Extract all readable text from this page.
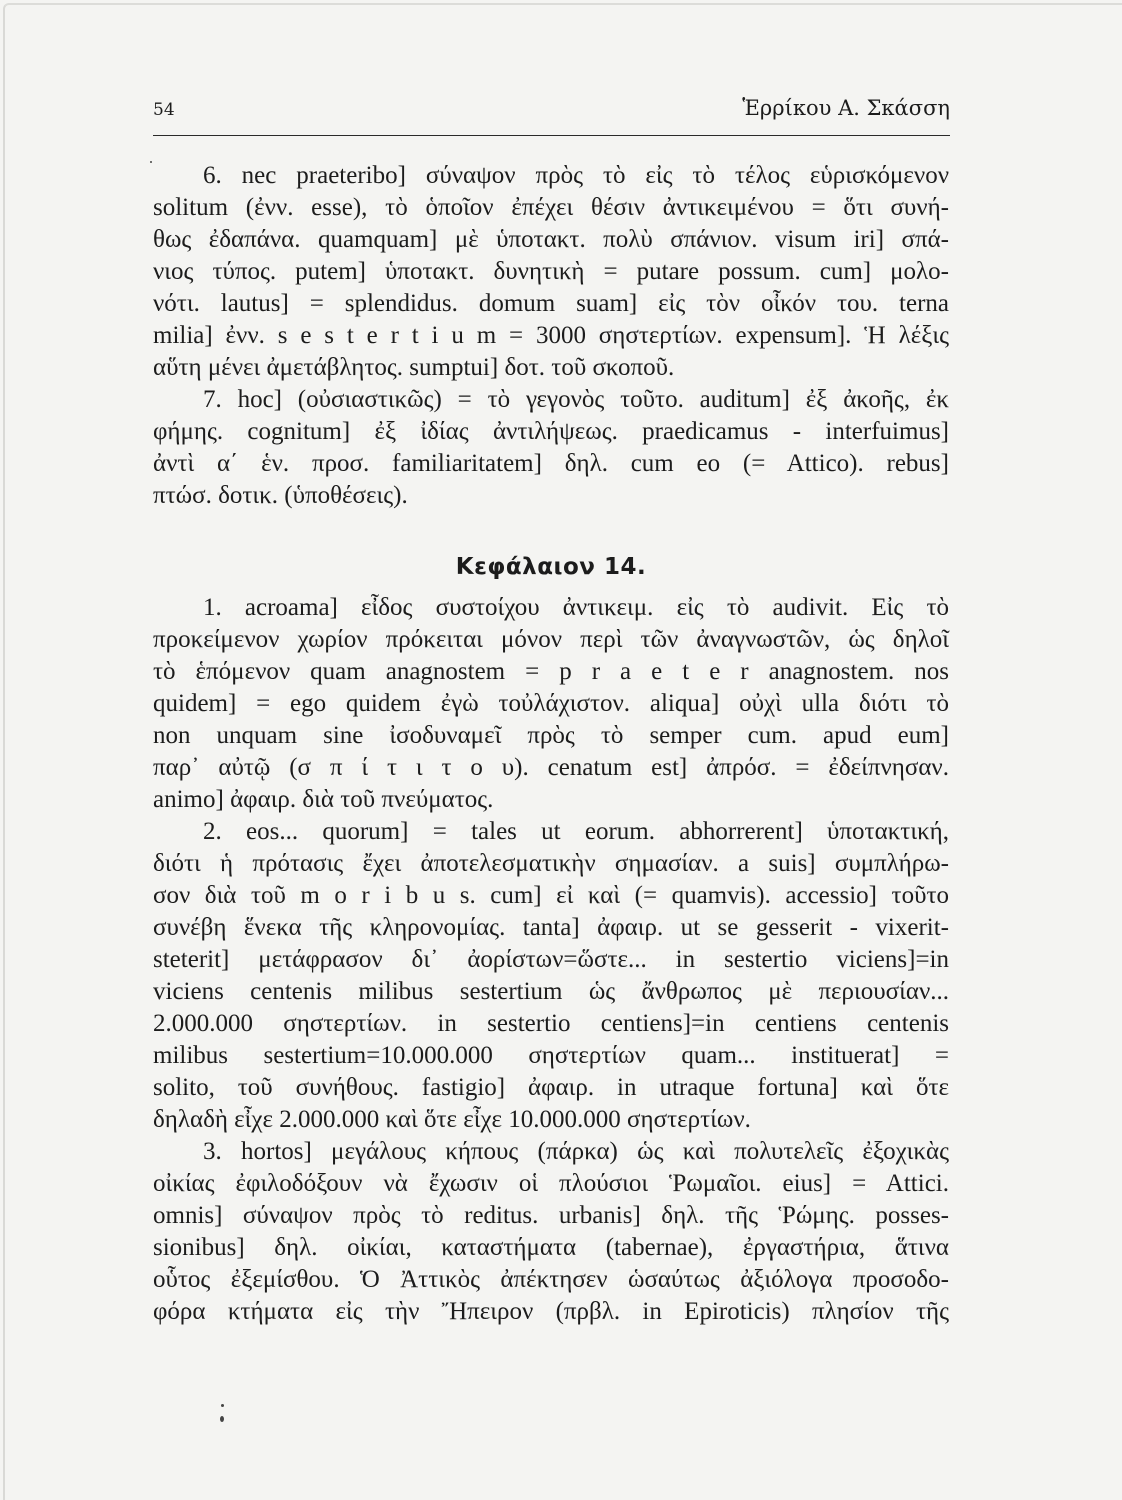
54	Ἑρρίκου Α. Σκάσση
6. nec praeteribo] σύναψον πρὸς τὸ εἰς τὸ τέλος εὑρισκόμενον
solitum (ἐνν. esse), τὸ ὁποῖον ἐπέχει θέσιν ἀντικειμένου = ὅτι συνή-
θως ἐδαπάνα. quamquam] μὲ ὑποτακτ. πολὺ σπάνιον. visum iri] σπά-
νιος τύπος. putem] ὑποτακτ. δυνητικὴ = putare possum. cum] μολο-
νότι. lautus] = splendidus. domum suam] εἰς τὸν οἶκόν του. terna
milia] ἐνν. s e s t e r t i u m = 3000 σηστερτίων. expensum]. Ἡ λέξις
αὕτη μένει ἀμετάβλητος. sumptui] δοτ. τοῦ σκοποῦ.
7. hoc] (οὐσιαστικῶς) = τὸ γεγονὸς τοῦτο. auditum] ἐξ ἀκοῆς, ἐκ
φήμης. cognitum] ἐξ ἰδίας ἀντιλήψεως. praedicamus - interfuimus]
ἀντὶ α΄ ἑν. προσ. familiaritatem] δηλ. cum eo (= Attico). rebus]
πτώσ. δοτικ. (ὑποθέσεις).
Κεφάλαιον 14.
1. acroama] εἶδος συστοίχου ἀντικειμ. εἰς τὸ audivit. Εἰς τὸ
προκείμενον χωρίον πρόκειται μόνον περὶ τῶν ἀναγνωστῶν, ὡς δηλοῖ
τὸ ἑπόμενον quam anagnostem = p r a e t e r anagnostem. nos
quidem] = ego quidem ἐγὼ τοὐλάχιστον. aliqua] οὐχὶ ulla διότι τὸ
non unquam sine ἰσοδυναμεῖ πρὸς τὸ semper cum. apud eum]
παρ᾽ αὐτῷ (σ π ί τ ι τ ο υ). cenatum est] ἀπρόσ. = ἐδείπνησαν.
animo] ἀφαιρ. διὰ τοῦ πνεύματος.
2. eos... quorum] = tales ut eorum. abhorrerent] ὑποτακτική,
διότι ἡ πρότασις ἔχει ἀποτελεσματικὴν σημασίαν. a suis] συμπλήρω-
σον διὰ τοῦ m o r i b u s. cum] εἰ καὶ (= quamvis). accessio] τοῦτο
συνέβη ἕνεκα τῆς κληρονομίας. tanta] ἀφαιρ. ut se gesserit - vixerit-
steterit] μετάφρασον δι᾽ ἀορίστων=ὥστε... in sestertio viciens]=in
viciens centenis milibus sestertium ὡς ἄνθρωπος μὲ περιουσίαν...
2.000.000 σηστερτίων. in sestertio centiens]=in centiens centenis
milibus sestertium=10.000.000 σηστερτίων quam... instituerat] =
solito, τοῦ συνήθους. fastigio] ἀφαιρ. in utraque fortuna] καὶ ὅτε
δηλαδὴ εἶχε 2.000.000 καὶ ὅτε εἶχε 10.000.000 σηστερτίων.
3. hortos] μεγάλους κήπους (πάρκα) ὡς καὶ πολυτελεῖς ἐξοχικὰς
οἰκίας ἐφιλοδόξουν νὰ ἔχωσιν οἱ πλούσιοι Ῥωμαῖοι. eius] = Attici.
omnis] σύναψον πρὸς τὸ reditus. urbanis] δηλ. τῆς Ῥώμης. posses-
sionibus] δηλ. οἰκίαι, καταστήματα (tabernae), ἐργαστήρια, ἅτινα
οὗτος ἐξεμίσθου. Ὁ Ἀττικὸς ἀπέκτησεν ὡσαύτως ἀξιόλογα προσοδο-
φόρα κτήματα εἰς τὴν Ἤπειρον (πρβλ. in Epiroticis) πλησίον τῆς
